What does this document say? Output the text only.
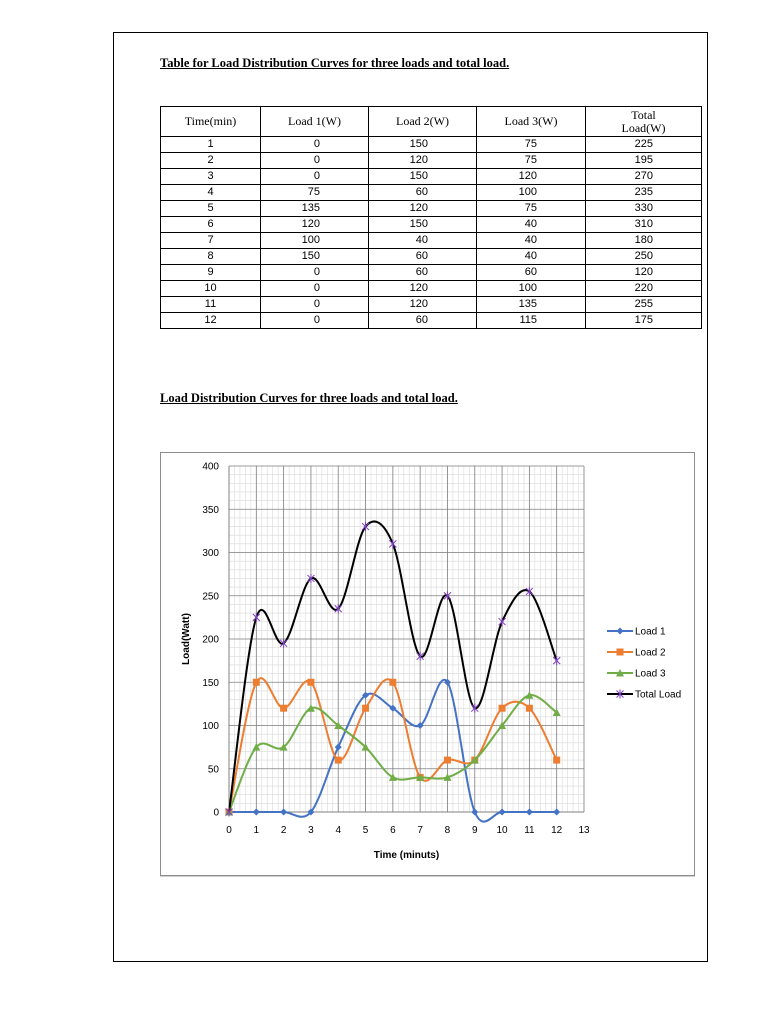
Table for Load Distribution Curves for three loads and total load.
Time(min)	Load 1(W)	Load 2(W)	Load 3(W)	Total
Load(W)
1	0	150	75	225
2	0	120	75	195
3	0	150	120	270
4	75	60	100	235
5	135	120	75	330
6	120	150	40	310
7	100	40	40	180
8	150	60	40	250
9	0	60	60	120
10	0	120	100	220
11	0	120	135	255
12	0	60	115	175
Load Distribution Curves for three loads and total load.
0
50
100
150
200
250
300
350
400
0 1 2 3 4 5 6 7 8 9 10 11 12 13
Time (minuts)
Load(Watt)	Load 1
Load 2
Load 3
Total Load
